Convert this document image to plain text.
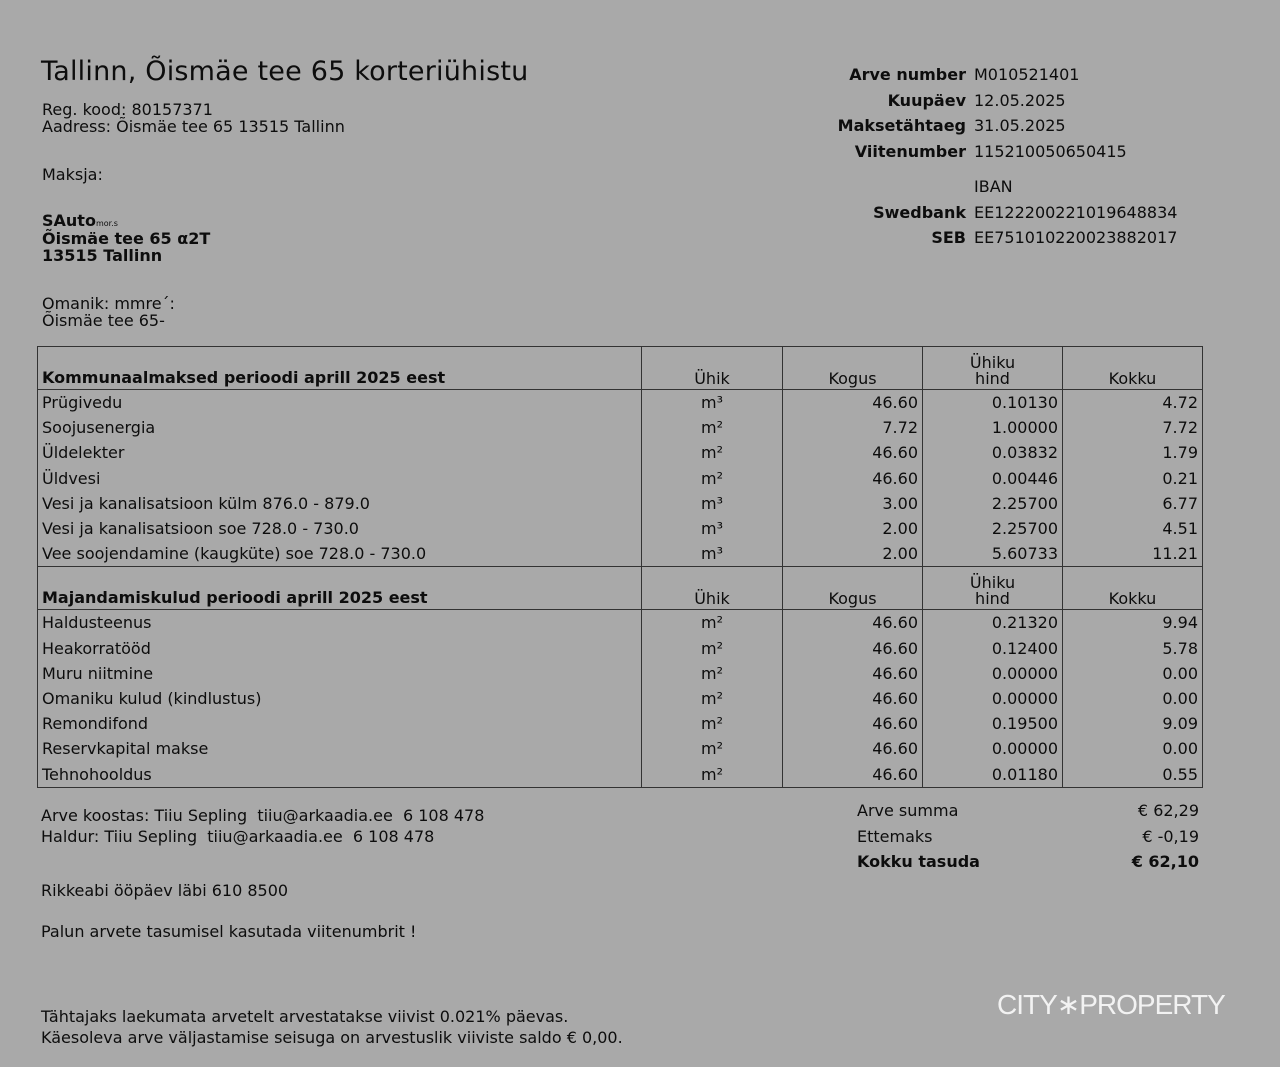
Tallinn, Õismäe tee 65 korteriühistu
Reg. kood: 80157371
Aadress: Õismäe tee 65 13515 Tallinn
Maksja:
SAutomor.s
Õismäe tee 65 α2T
13515 Tallinn
Omanik: mmre´:
Õismäe tee 65-
Arve number M010521401
Kuupäev 12.05.2025
Maksetähtaeg 31.05.2025
Viitenumber 115210050650415
IBAN
Swedbank EE122200221019648834
SEB EE751010220023882017
Kommunaalmaksed perioodi aprill 2025 eest	Ühik	Kogus	Ühiku
hind	Kokku
Prügivedu	m³	46.60	0.10130	4.72
Soojusenergia	m²	7.72	1.00000	7.72
Üldelekter	m²	46.60	0.03832	1.79
Üldvesi	m²	46.60	0.00446	0.21
Vesi ja kanalisatsioon külm 876.0 - 879.0	m³	3.00	2.25700	6.77
Vesi ja kanalisatsioon soe 728.0 - 730.0	m³	2.00	2.25700	4.51
Vee soojendamine (kaugküte) soe 728.0 - 730.0	m³	2.00	5.60733	11.21
Majandamiskulud perioodi aprill 2025 eest	Ühik	Kogus	Ühiku
hind	Kokku
Haldusteenus	m²	46.60	0.21320	9.94
Heakorratööd	m²	46.60	0.12400	5.78
Muru niitmine	m²	46.60	0.00000	0.00
Omaniku kulud (kindlustus)	m²	46.60	0.00000	0.00
Remondifond	m²	46.60	0.19500	9.09
Reservkapital makse	m²	46.60	0.00000	0.00
Tehnohooldus	m²	46.60	0.01180	0.55
Arve koostas: Tiiu Sepling  tiiu@arkaadia.ee  6 108 478
Haldur: Tiiu Sepling  tiiu@arkaadia.ee  6 108 478
Rikkeabi ööpäev läbi 610 8500
Palun arvete tasumisel kasutada viitenumbrit !
Tähtajaks laekumata arvetelt arvestatakse viivist 0.021% päevas.
Käesoleva arve väljastamise seisuga on arvestuslik viiviste saldo € 0,00.
Arve summa	€ 62,29
Ettemaks	€ -0,19
Kokku tasuda	€ 62,10
CITY∗PROPERTY
